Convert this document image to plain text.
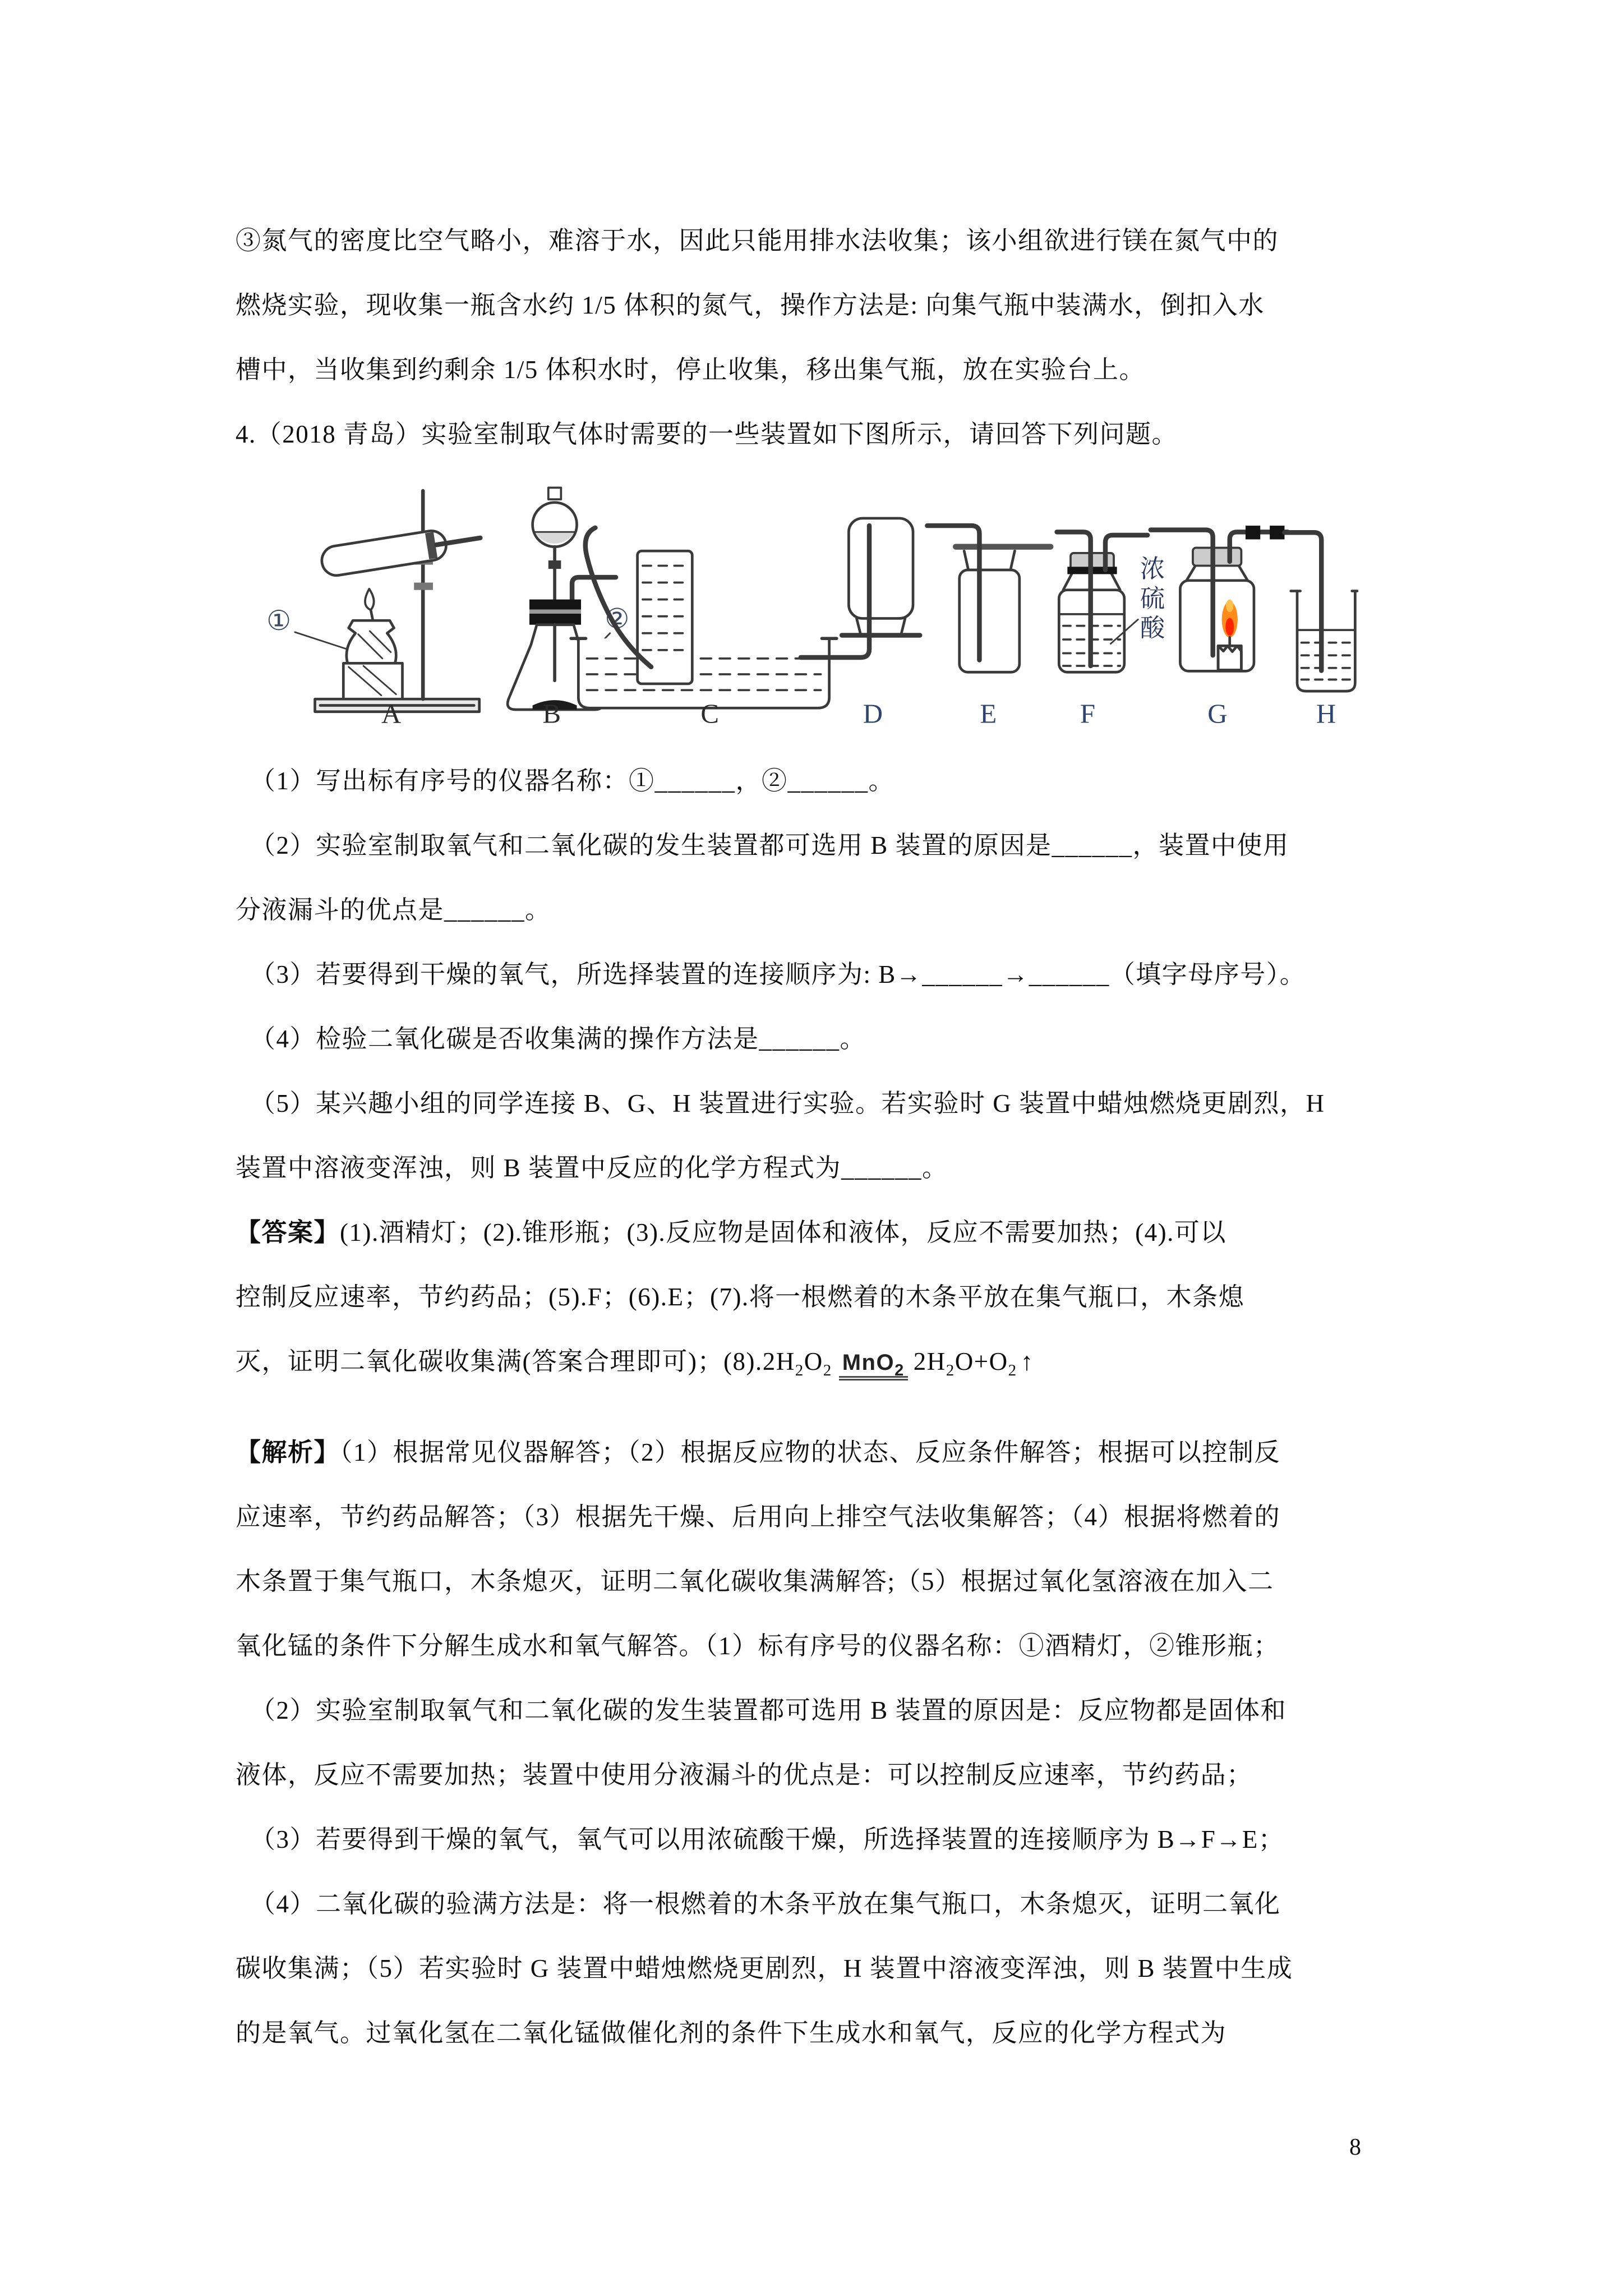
③氮气的密度比空气略小，难溶于水，因此只能用排水法收集；该小组欲进行镁在氮气中的
燃烧实验，现收集一瓶含水约 1/5 体积的氮气，操作方法是: 向集气瓶中装满水，倒扣入水
槽中，当收集到约剩余 1/5 体积水时，停止收集，移出集气瓶，放在实验台上。
4.（2018 青岛）实验室制取气体时需要的一些装置如下图所示，请回答下列问题。
①
A
②
B	C	D	E
浓
硫
酸
F	G	H
（1）写出标有序号的仪器名称：①______，②______。
（2）实验室制取氧气和二氧化碳的发生装置都可选用 B 装置的原因是______，装置中使用
分液漏斗的优点是______。
（3）若要得到干燥的氧气，所选择装置的连接顺序为: B→______→______（填字母序号）。
（4）检验二氧化碳是否收集满的操作方法是______。
（5）某兴趣小组的同学连接 B、G、H 装置进行实验。若实验时 G 装置中蜡烛燃烧更剧烈，H
装置中溶液变浑浊，则 B 装置中反应的化学方程式为______。
【答案】(1).酒精灯；(2).锥形瓶；(3).反应物是固体和液体，反应不需要加热；(4).可以
控制反应速率，节约药品；(5).F；(6).E；(7).将一根燃着的木条平放在集气瓶口，木条熄
灭，证明二氧化碳收集满(答案合理即可)；$(8).2H_2O_2$ MnO$_2$ $2H_2O+O_2$ ↑
【解析】（1）根据常见仪器解答；（2）根据反应物的状态、反应条件解答；根据可以控制反
应速率，节约药品解答；（3）根据先干燥、后用向上排空气法收集解答；（4）根据将燃着的
木条置于集气瓶口，木条熄灭，证明二氧化碳收集满解答;（5）根据过氧化氢溶液在加入二
氧化锰的条件下分解生成水和氧气解答。（1）标有序号的仪器名称：①酒精灯，②锥形瓶；
（2）实验室制取氧气和二氧化碳的发生装置都可选用 B 装置的原因是：反应物都是固体和
液体，反应不需要加热；装置中使用分液漏斗的优点是：可以控制反应速率，节约药品；
（3）若要得到干燥的氧气，氧气可以用浓硫酸干燥，所选择装置的连接顺序为 B→F→E；
（4）二氧化碳的验满方法是：将一根燃着的木条平放在集气瓶口，木条熄灭，证明二氧化
碳收集满；（5）若实验时 G 装置中蜡烛燃烧更剧烈，H 装置中溶液变浑浊，则 B 装置中生成
的是氧气。过氧化氢在二氧化锰做催化剂的条件下生成水和氧气，反应的化学方程式为
8
